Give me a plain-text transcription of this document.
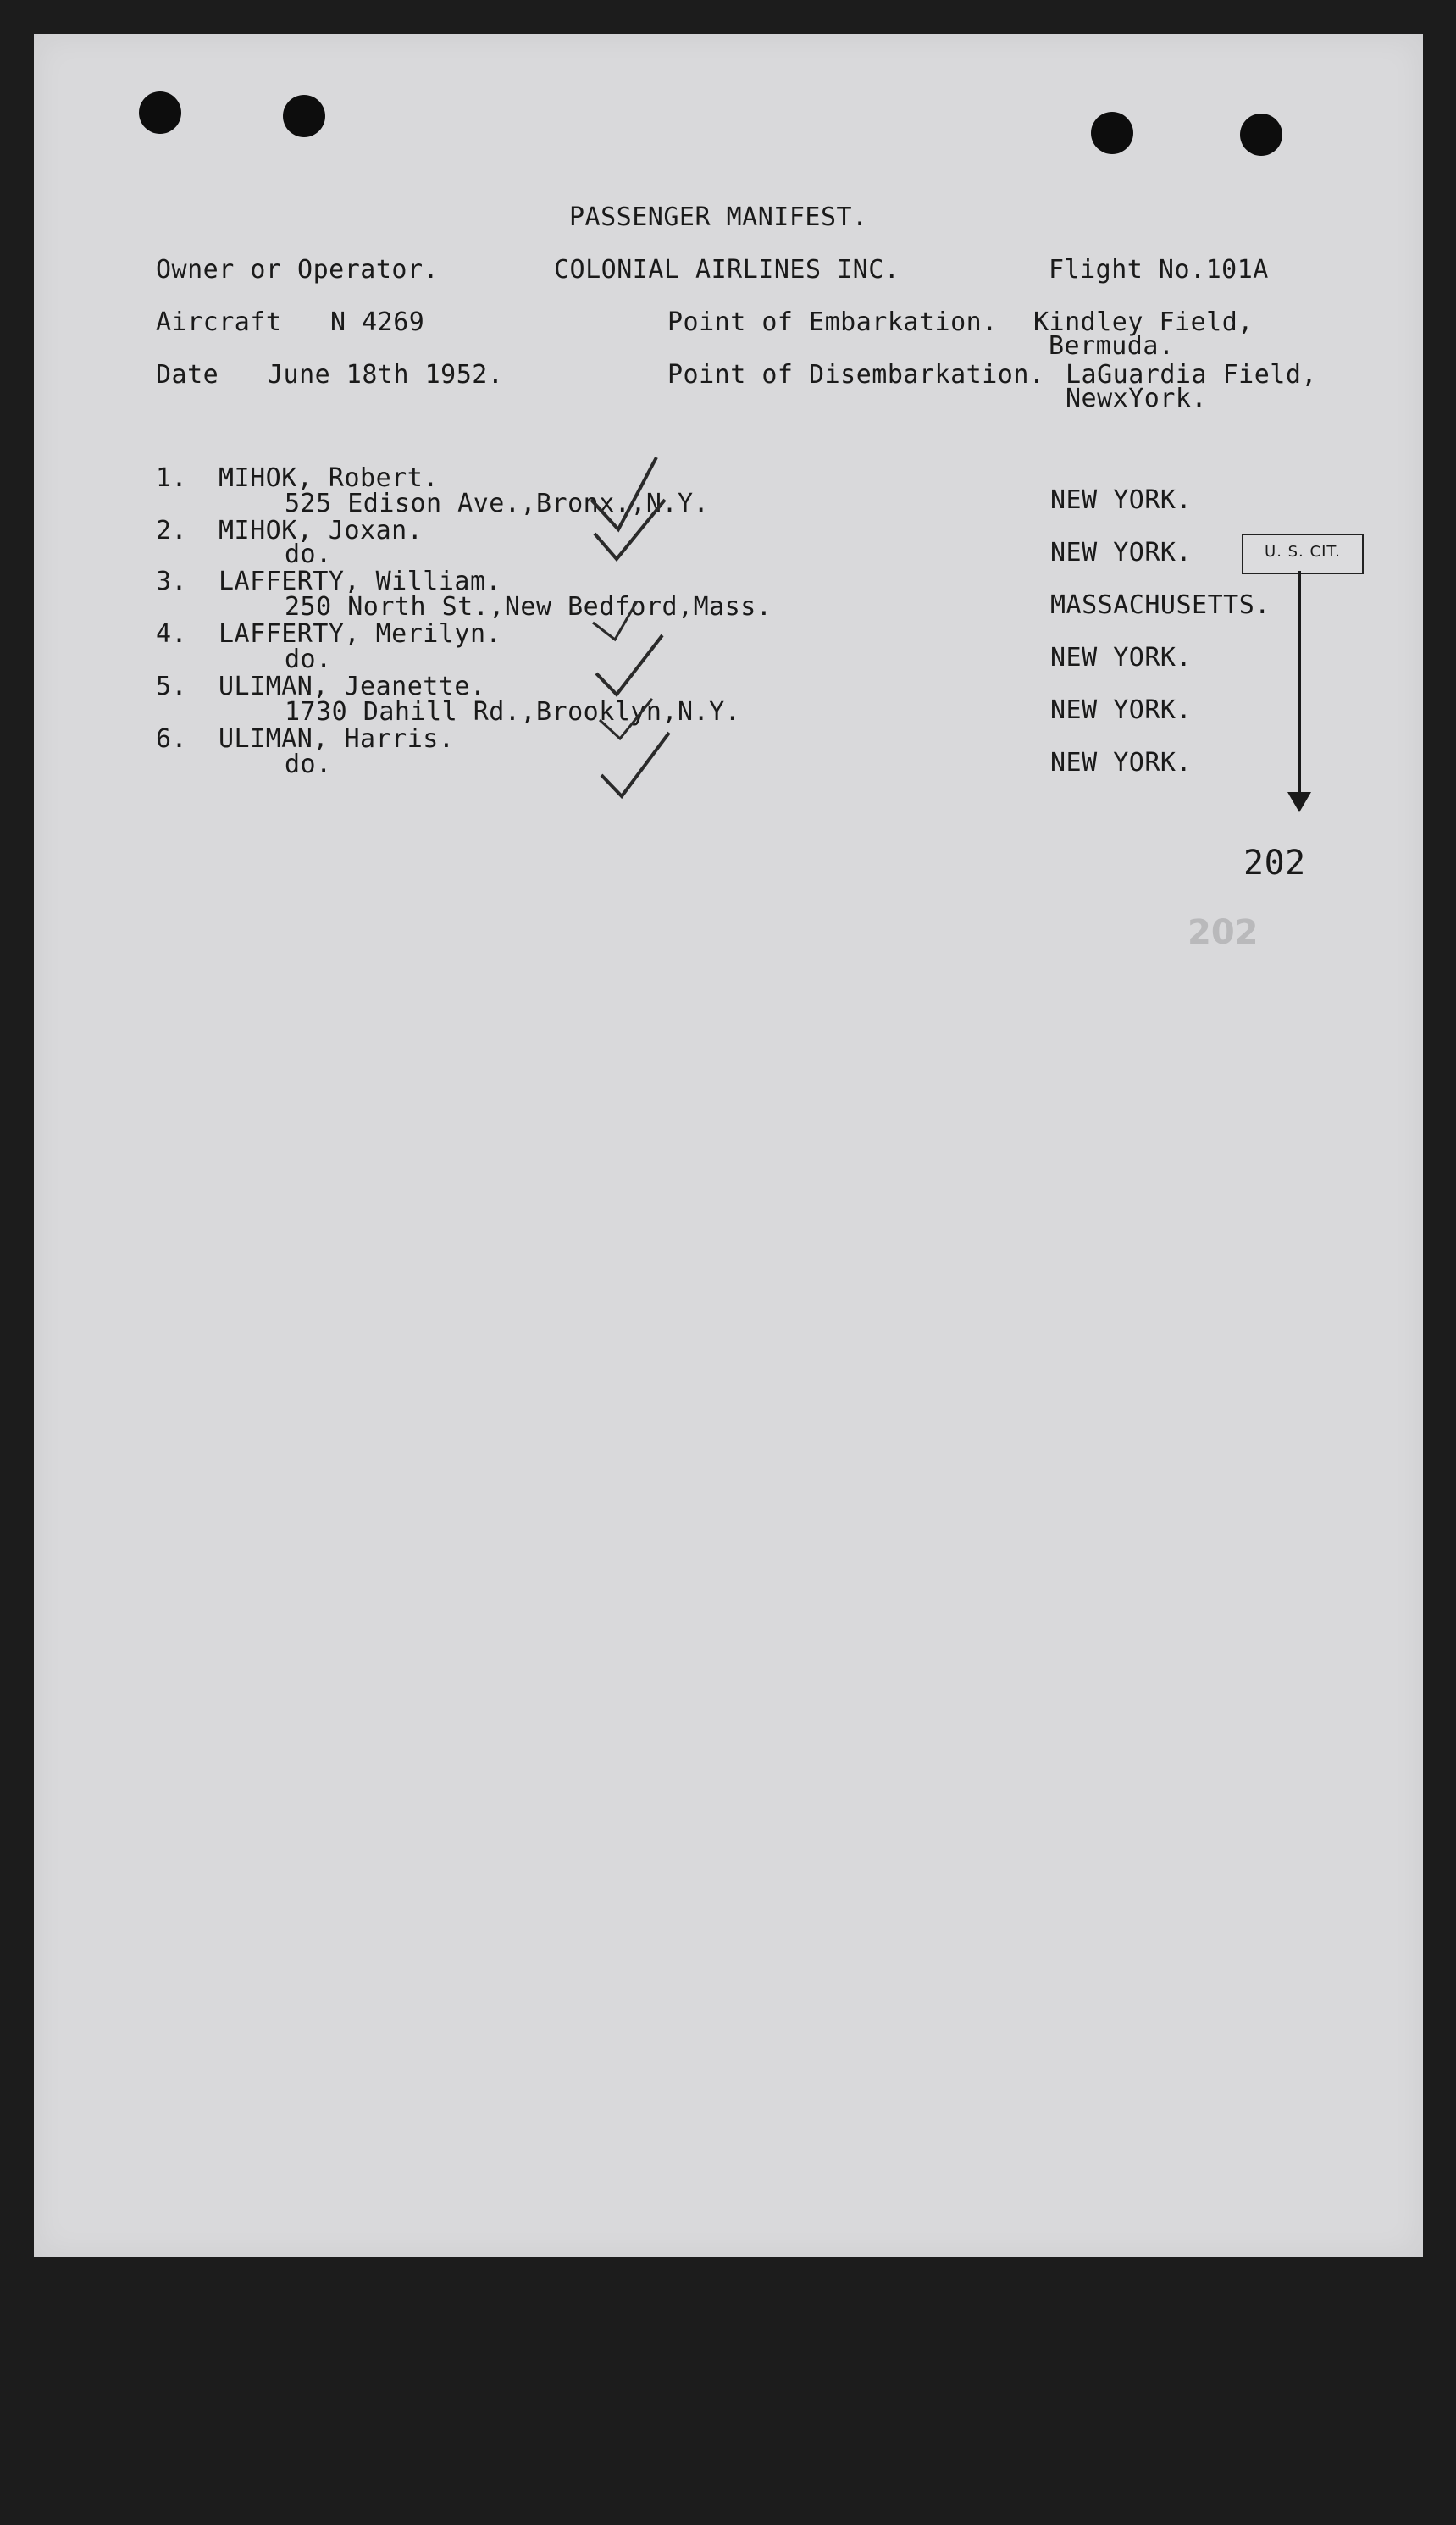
PASSENGER MANIFEST.
Owner or Operator.	COLONIAL AIRLINES INC.	Flight No.101A
Aircraft N 4269	Point of Embarkation. Kindley Field,
Bermuda.
Date June 18th 1952.	Point of Disembarkation. LaGuardia Field,
NewxYork.
1. MIHOK, Robert.
525 Edison Ave.,Bronx.,N.Y.	NEW YORK.
2. MIHOK, Joxan.
do.	NEW YORK.
3. LAFFERTY, William.
250 North St.,New Bedford,Mass.	MASSACHUSETTS.
4. LAFFERTY, Merilyn.
do.	NEW YORK.
5. ULIMAN, Jeanette.
1730 Dahill Rd.,Brooklyn,N.Y.	NEW YORK.
6. ULIMAN, Harris.
do.	NEW YORK.
U. S. CIT.
202
202
